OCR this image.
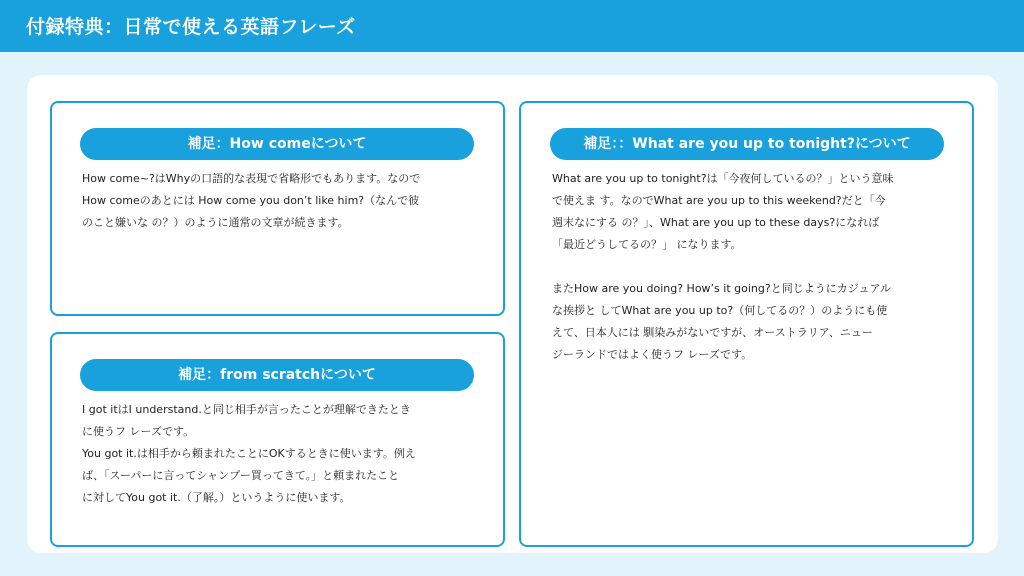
付録特典：日常で使える英語フレーズ
補足：How comeについて

How come~?はWhyの口語的な表現で省略形でもあります。なので

How comeのあとには How come you don’t like him?（なんで彼

のこと嫌いな の？）のように通常の文章が続きます。

補足：from scratchについて

I got itはI understand.と同じ相手が言ったことが理解できたとき

に使うフ レーズです。

You got it.は相手から頼まれたことにOKするときに使います。例え

ば、「スーパーに言ってシャンプー買ってきて。」と頼まれたこと

に対してYou got it.（了解。）というように使います。

補足：：What are you up to tonight?について

What are you up to tonight?は「今夜何しているの？」という意味

で使えま す。なのでWhat are you up to this weekend?だと「今

週末なにする の？」、What are you up to these days?になれば

「最近どうしてるの？」 になります。

またHow are you doing? How’s it going?と同じようにカジュアル

な挨拶と してWhat are you up to?（何してるの？）のようにも使

えて、日本人には 馴染みがないですが、オーストラリア、ニュー

ジーランドではよく使うフ レーズです。
